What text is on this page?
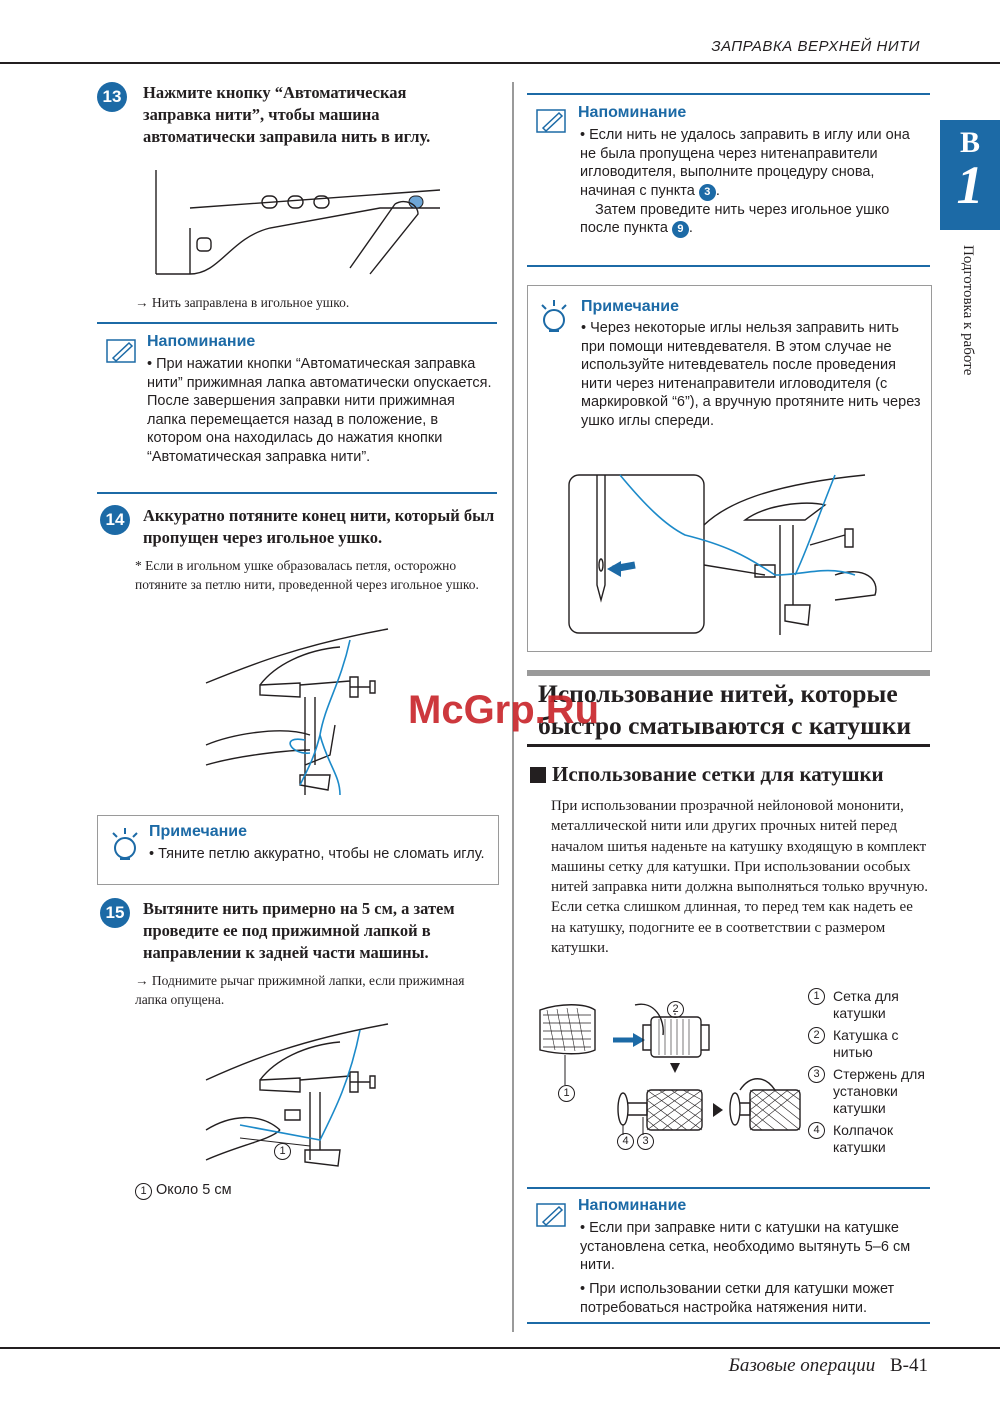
ЗАПРАВКА ВЕРХНЕЙ НИТИ
B
1
Подготовка к работе
13	Нажмите кнопку “Автоматическая заправка нити”, чтобы машина автоматически заправила нить в иглу.
→ Нить заправлена в игольное ушко.
Напоминание
• При нажатии кнопки “Автоматическая заправка нити” прижимная лапка автоматически опускается. После завершения заправки нити прижимная лапка перемещается назад в положение, в котором она находилась до нажатия кнопки “Автоматическая заправка нити”.
14	Аккуратно потяните конец нити, который был пропущен через игольное ушко.
* Если в игольном ушке образовалась петля, осторожно потяните за петлю нити, проведенной через игольное ушко.
Примечание
• Тяните петлю аккуратно, чтобы не сломать иглу.
15	Вытяните нить примерно на 5 см, а затем проведите ее под прижимной лапкой в направлении к задней части машины.
→ Поднимите рычаг прижимной лапки, если прижимная лапка опущена.
1
1 Около 5 см
Напоминание
• Если нить не удалось заправить в иглу или она не была пропущена через нитенаправители игловодителя, выполните процедуру снова, начиная с пункта 3 .
Затем проведите нить через игольное ушко после пункта 9 .
Примечание
• Через некоторые иглы нельзя заправить нить при помощи нитевдевателя. В этом случае не используйте нитевдеватель после проведения нити через нитенаправители игловодителя (с маркировкой “6”), а вручную протяните нить через ушко иглы спереди.
Использование нитей, которые быстро сматываются с катушки
McGrp.Ru
Использование сетки для катушки
При использовании прозрачной нейлоновой мононити, металлической нити или других прочных нитей перед началом шитья наденьте на катушку входящую в комплект машины сетку для катушки. При использовании особых нитей заправка нити должна выполняться только вручную. Если сетка слишком длинная, то перед тем как надеть ее на катушку, подогните ее в соответствии с размером катушки.
1
2
3
4
1 Сетка для катушки
2 Катушка с нитью
3 Стержень для установки катушки
4 Колпачок катушки
Напоминание
• Если при заправке нити с катушки на катушке установлена сетка, необходимо вытянуть 5–6 см нити.
• При использовании сетки для катушки может потребоваться настройка натяжения нити.
Базовые операции B-41
